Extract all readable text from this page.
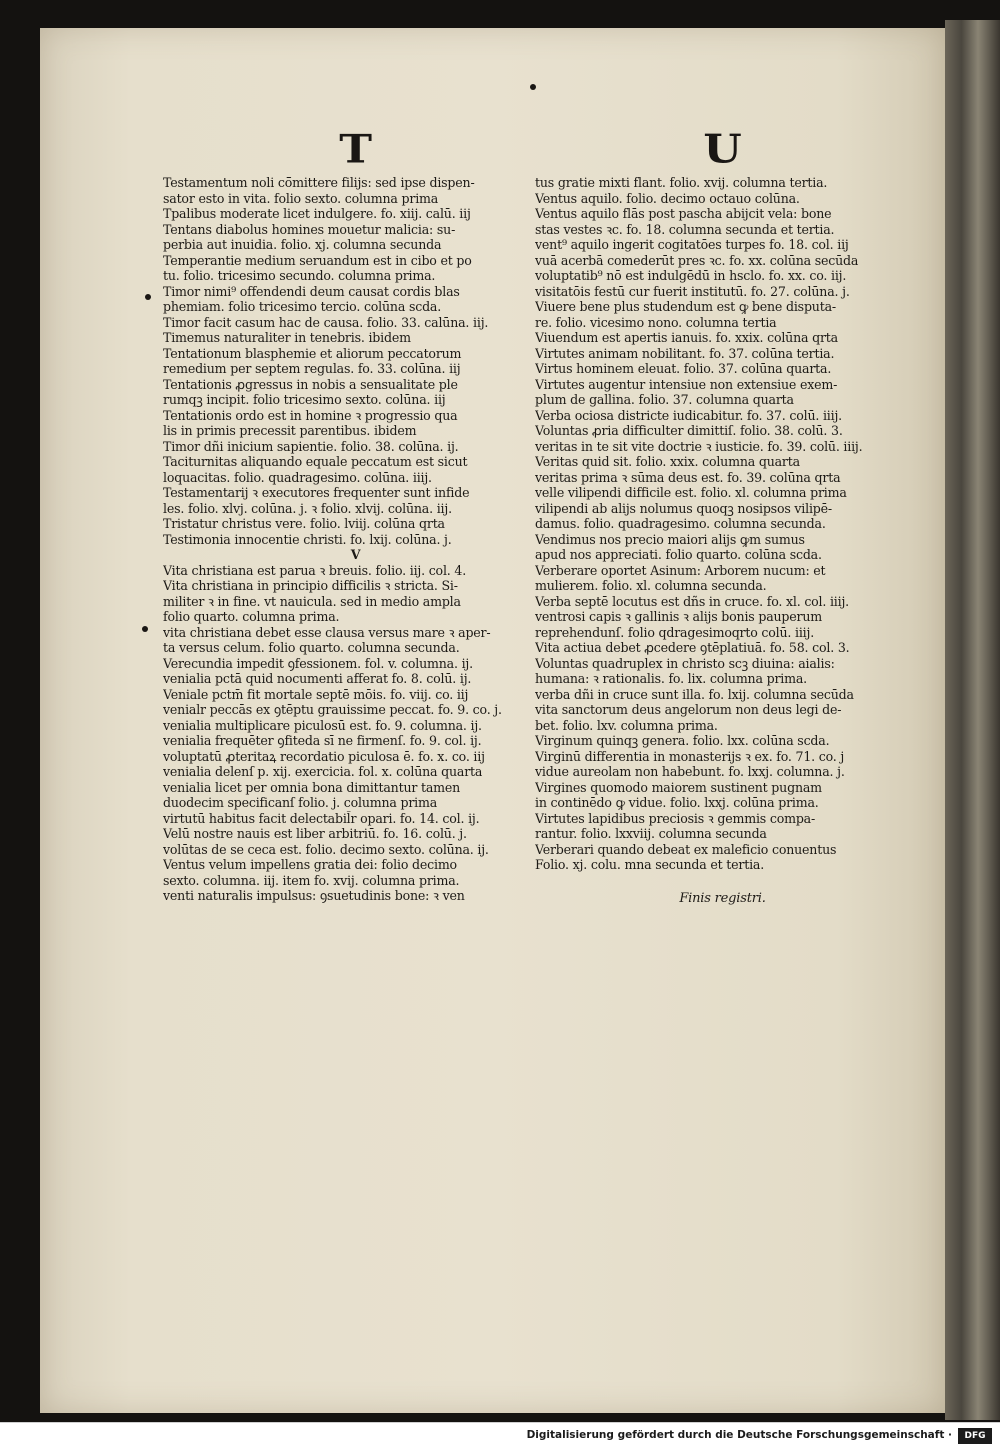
T
Testamentum noli cō̄mittere filijs: sed ipse dispen-
sator esto in vita. folio sexto. columna prima
Tpalibus moderate licet indulgere. fo. xiij. calū. iij
Tentans diabolus homines mouetur malicia: su-
perbia aut inuidia. folio. xj. columna secunda
Temperantie medium seruandum est in cibo et po
tu. folio. tricesimo secundo. columna prima.
Timor nimi⁹ offendendi deum causat cordis blas
phemiam. folio tricesimo tercio. colūna scda.
Timor facit casum hac de causa. folio. 33. calūna. iij.
Timemus naturaliter in tenebris. ibidem
Tentationum blasphemie et aliorum peccatorum
remedium per septem regulas. fo. 33. colūna. iij
Tentationis ꝓgressus in nobis a sensualitate ple
rumqꝫ incipit. folio tricesimo sexto. colūna. iij
Tentationis ordo est in homine ꝛ progressio qua
lis in primis precessit parentibus. ibidem
Timor dñi inicium sapientie. folio. 38. colūna. ij.
Taciturnitas aliquando equale peccatum est sicut
loquacitas. folio. quadragesimo. colūna. iiij.
Testamentarij ꝛ executores frequenter sunt infide
les. folio. xlvj. colūna. j. ꝛ folio. xlvij. colūna. iij.
Tristatur christus vere. folio. lviij. colūna qrta
Testimonia innocentie christi. fo. lxij. colūna. j.
V
Vita christiana est parua ꝛ breuis. folio. iij. col. 4.
Vita christiana in principio difficilis ꝛ stricta. Si-
militer ꝛ in fine. vt nauicula. sed in medio ampla
folio quarto. columna prima.
vita christiana debet esse clausa versus mare ꝛ aper-
ta versus celum. folio quarto. columna secunda.
Verecundia impedit ꝯfessionem. fol. v. columna. ij.
venialia pctā quid nocumenti afferat fo. 8. colū. ij.
Veniale pctm̄ fit mortale septē mōis. fo. viij. co. iij
venialr peccās ex ꝯtēptu grauissime peccat. fo. 9. co. j.
venialia multiplicare piculosū est. fo. 9. columna. ij.
venialia frequēter ꝯfiteda sī ne firmenſ. fo. 9. col. ij.
voluptatū ꝓteritaꝝ recordatio piculosa ē. fo. x. co. iij
venialia delenſ p. xij. exercicia. fol. x. colūna quarta
venialia licet per omnia bona dimittantur tamen
duodecim specificanſ folio. j. columna prima
virtutū habitus facit delectabil̄r opari. fo. 14. col. ij.
Velū nostre nauis est liber arbitriū. fo. 16. colū. j.
volūtas de se ceca est. folio. decimo sexto. colūna. ij.
Ventus velum impellens gratia dei: folio decimo
sexto. columna. iij. item fo. xvij. columna prima.
venti naturalis impulsus: ꝯsuetudinis bone: ꝛ ven
U
tus gratie mixti flant. folio. xvij. columna tertia.
Ventus aquilo. folio. decimo octauo colūna.
Ventus aquilo flās post pascha abijcit vela: bone
stas vestes ꝛc. fo. 18. columna secunda et tertia.
vent⁹ aquilo ingerit cogitatōes turpes fo. 18. col. iij
vuā acerbā comederūt pres ꝛc. fo. xx. colūna secūda
voluptatib⁹ nō est indulgēdū in hsclo. fo. xx. co. iij.
visitatōis festū cur fuerit institutū. fo. 27. colūna. j.
Viuere bene plus studendum est ꝙ bene disputa-
re. folio. vicesimo nono. columna tertia
Viuendum est apertis ianuis. fo. xxix. colūna qrta
Virtutes animam nobilitant. fo. 37. colūna tertia.
Virtus hominem eleuat. folio. 37. colūna quarta.
Virtutes augentur intensiue non extensiue exem-
plum de gallina. folio. 37. columna quarta
Verba ociosa districte iudicabitur. fo. 37. colū. iiij.
Voluntas ꝓria difficulter dimittiſ. folio. 38. colū. 3.
veritas in te sit vite doctrie ꝛ iusticie. fo. 39. colū. iiij.
Veritas quid sit. folio. xxix. columna quarta
veritas prima ꝛ sūma deus est. fo. 39. colūna qrta
velle vilipendi difficile est. folio. xl. columna prima
vilipendi ab alijs nolumus quoqꝫ nosipsos vilipē-
damus. folio. quadragesimo. columna secunda.
Vendimus nos precio maiori alijs ꝙm sumus
apud nos appreciati. folio quarto. colūna scda.
Verberare oportet Asinum: Arborem nucum: et
mulierem. folio. xl. columna secunda.
Verba septē locutus est dñs in cruce. fo. xl. col. iiij.
ventrosi capis ꝛ gallinis ꝛ alijs bonis pauperum
reprehendunſ. folio qdragesimoqrto colū. iiij.
Vita actiua debet ꝓcedere ꝯtēplatiuā. fo. 58. col. 3.
Voluntas quadruplex in christo scꝫ diuina: aialis:
humana: ꝛ rationalis. fo. lix. columna prima.
verba dñi in cruce sunt illa. fo. lxij. columna secūda
vita sanctorum deus angelorum non deus legi de-
bet. folio. lxv. columna prima.
Virginum quinqꝫ genera. folio. lxx. colūna scda.
Virginū differentia in monasterijs ꝛ ex. fo. 71. co. j
vidue aureolam non habebunt. fo. lxxj. columna. j.
Virgines quomodo maiorem sustinent pugnam
in continēdo ꝙ vidue. folio. lxxj. colūna prima.
Virtutes lapidibus preciosis ꝛ gemmis compa-
rantur. folio. lxxviij. columna secunda
Verberari quando debeat ex maleficio conuentus
Folio. xj. colu. mna secunda et tertia.
Finis registri.
Digitalisierung gefördert durch die Deutsche Forschungsgemeinschaft ·	DFG
